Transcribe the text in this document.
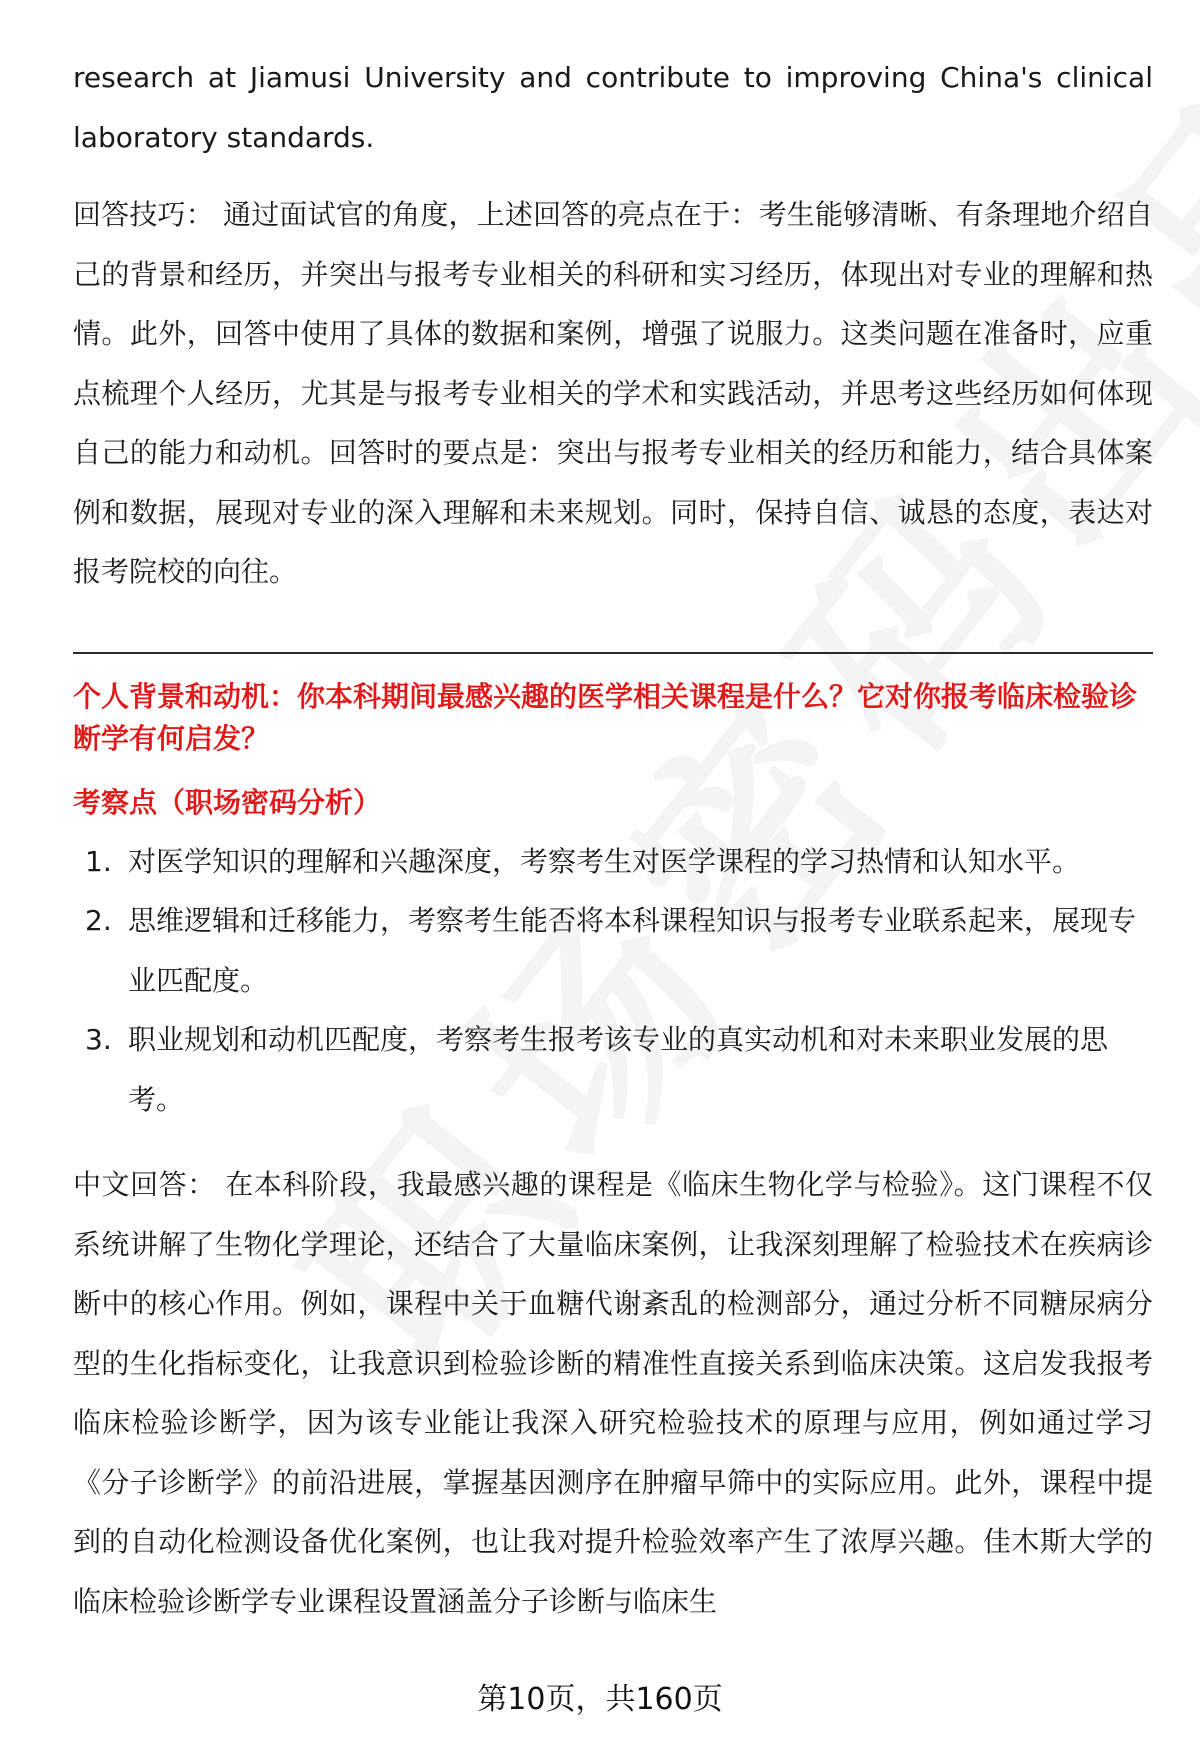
research at Jiamusi University and contribute to improving China's clinical laboratory standards.

回答技巧： 通过面试官的角度，上述回答的亮点在于：考生能够清晰、有条理地介绍自己的背景和经历，并突出与报考专业相关的科研和实习经历，体现出对专业的理解和热情。此外，回答中使用了具体的数据和案例，增强了说服力。这类问题在准备时，应重点梳理个人经历，尤其是与报考专业相关的学术和实践活动，并思考这些经历如何体现自己的能力和动机。回答时的要点是：突出与报考专业相关的经历和能力，结合具体案例和数据，展现对专业的深入理解和未来规划。同时，保持自信、诚恳的态度，表达对报考院校的向往。

个人背景和动机：你本科期间最感兴趣的医学相关课程是什么？它对你报考临床检验诊断学有何启发？

考察点（职场密码分析）

1. 对医学知识的理解和兴趣深度，考察考生对医学课程的学习热情和认知水平。
2. 思维逻辑和迁移能力，考察考生能否将本科课程知识与报考专业联系起来，展现专业匹配度。
3. 职业规划和动机匹配度，考察考生报考该专业的真实动机和对未来职业发展的思考。

中文回答： 在本科阶段，我最感兴趣的课程是《临床生物化学与检验》。这门课程不仅系统讲解了生物化学理论，还结合了大量临床案例，让我深刻理解了检验技术在疾病诊断中的核心作用。例如，课程中关于血糖代谢紊乱的检测部分，通过分析不同糖尿病分型的生化指标变化，让我意识到检验诊断的精准性直接关系到临床决策。这启发我报考临床检验诊断学，因为该专业能让我深入研究检验技术的原理与应用，例如通过学习《分子诊断学》的前沿进展，掌握基因测序在肿瘤早筛中的实际应用。此外，课程中提到的自动化检测设备优化案例，也让我对提升检验效率产生了浓厚兴趣。佳木斯大学的临床检验诊断学专业课程设置涵盖分子诊断与临床生

第10页，共160页
